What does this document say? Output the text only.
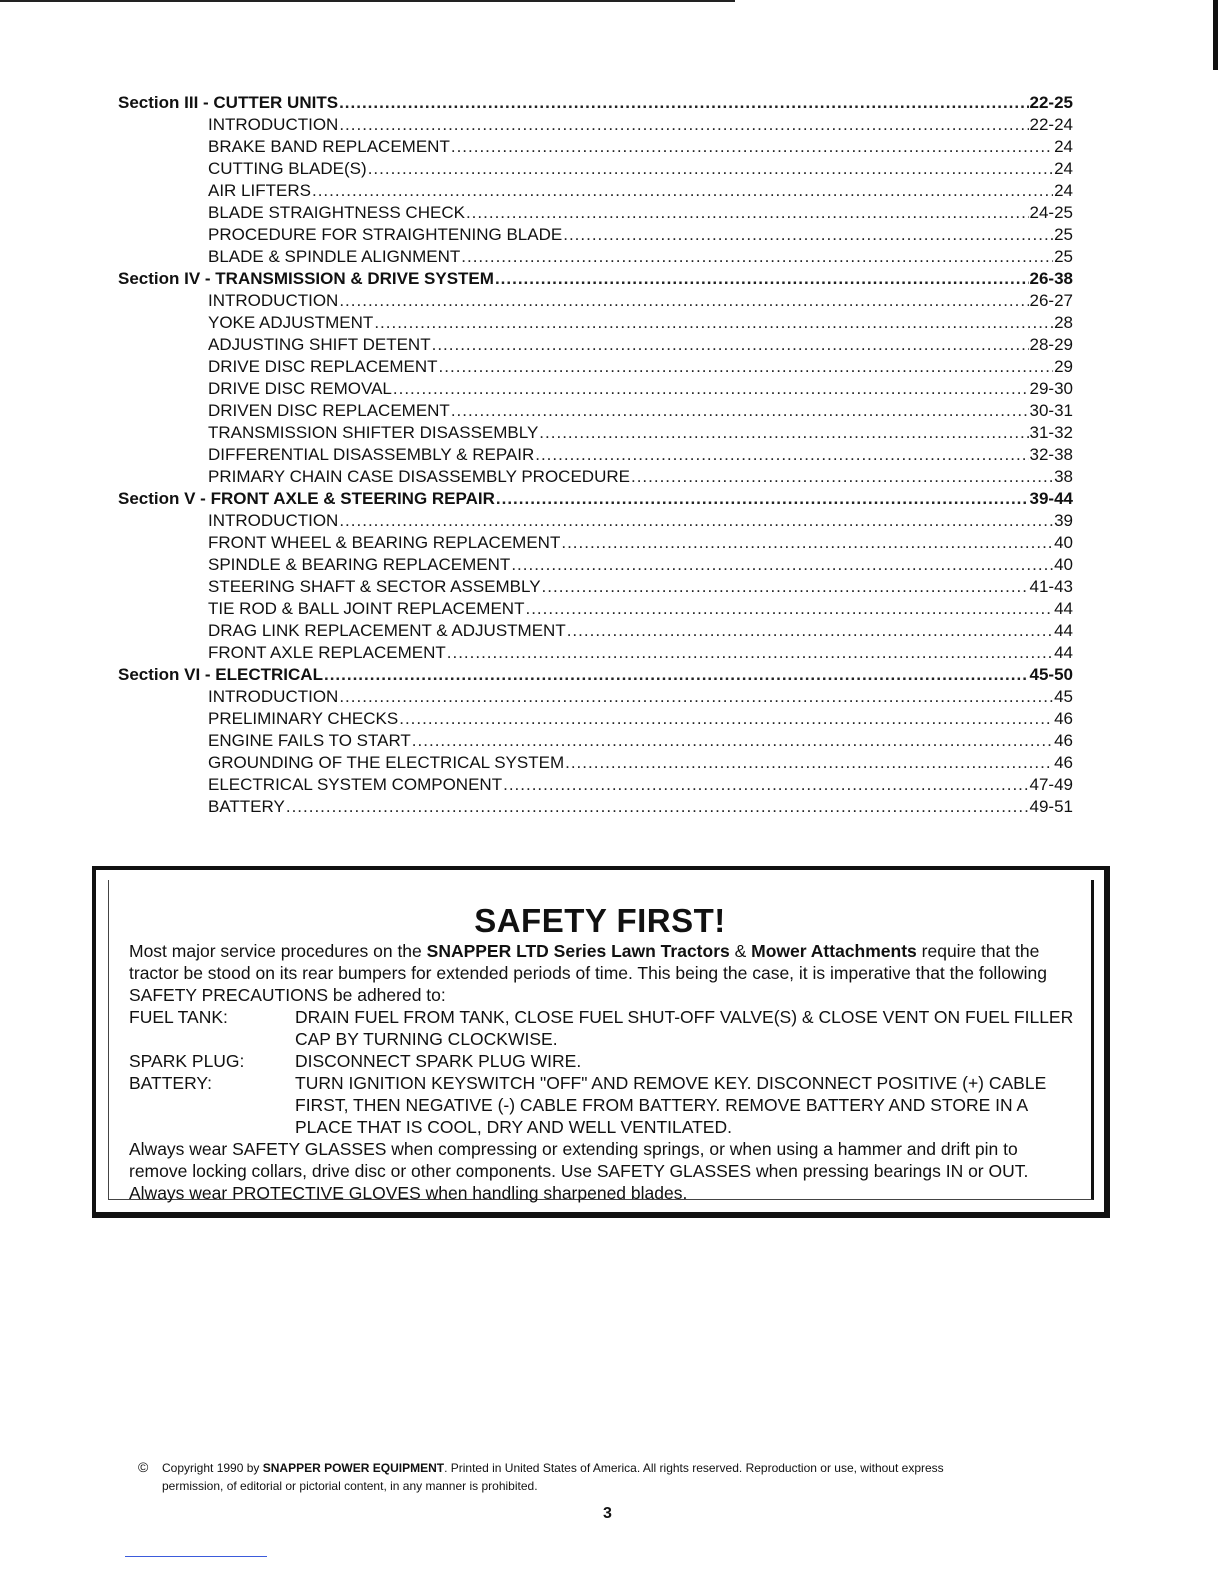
Section III - CUTTER UNITS .....	22-25
INTRODUCTION .....	22-24
BRAKE BAND REPLACEMENT .....	24
CUTTING BLADE(S) .....	24
AIR LIFTERS .....	24
BLADE STRAIGHTNESS CHECK .....	24-25
PROCEDURE FOR STRAIGHTENING BLADE .....	25
BLADE & SPINDLE ALIGNMENT .....	25
Section IV - TRANSMISSION & DRIVE SYSTEM .....	26-38
INTRODUCTION .....	26-27
YOKE ADJUSTMENT .....	28
ADJUSTING SHIFT DETENT .....	28-29
DRIVE DISC REPLACEMENT .....	29
DRIVE DISC REMOVAL .....	29-30
DRIVEN DISC REPLACEMENT .....	30-31
TRANSMISSION SHIFTER DISASSEMBLY .....	31-32
DIFFERENTIAL DISASSEMBLY & REPAIR .....	32-38
PRIMARY CHAIN CASE DISASSEMBLY PROCEDURE .....	38
Section V - FRONT AXLE & STEERING REPAIR .....	39-44
INTRODUCTION .....	39
FRONT WHEEL & BEARING REPLACEMENT .....	40
SPINDLE & BEARING REPLACEMENT .....	40
STEERING SHAFT & SECTOR ASSEMBLY .....	41-43
TIE ROD & BALL JOINT REPLACEMENT .....	44
DRAG LINK REPLACEMENT & ADJUSTMENT .....	44
FRONT AXLE REPLACEMENT .....	44
Section VI - ELECTRICAL .....	45-50
INTRODUCTION .....	45
PRELIMINARY CHECKS .....	46
ENGINE FAILS TO START .....	46
GROUNDING OF THE ELECTRICAL SYSTEM .....	46
ELECTRICAL SYSTEM COMPONENT .....	47-49
BATTERY .....	49-51
SAFETY FIRST!

Most major service procedures on the SNAPPER LTD Series Lawn Tractors & Mower Attachments require that the tractor be stood on its rear bumpers for extended periods of time. This being the case, it is imperative that the following SAFETY PRECAUTIONS be adhered to:

FUEL TANK:	DRAIN FUEL FROM TANK, CLOSE FUEL SHUT-OFF VALVE(S) & CLOSE VENT ON FUEL FILLER CAP BY TURNING CLOCKWISE.
SPARK PLUG:	DISCONNECT SPARK PLUG WIRE.
BATTERY:	TURN IGNITION KEYSWITCH "OFF" AND REMOVE KEY. DISCONNECT POSITIVE (+) CABLE FIRST, THEN NEGATIVE (-) CABLE FROM BATTERY. REMOVE BATTERY AND STORE IN A PLACE THAT IS COOL, DRY AND WELL VENTILATED.

Always wear SAFETY GLASSES when compressing or extending springs, or when using a hammer and drift pin to remove locking collars, drive disc or other components. Use SAFETY GLASSES when pressing bearings IN or OUT. Always wear PROTECTIVE GLOVES when handling sharpened blades.

© Copyright 1990 by SNAPPER POWER EQUIPMENT. Printed in United States of America. All rights reserved. Reproduction or use, without express
permission, of editorial or pictorial content, in any manner is prohibited.
3
